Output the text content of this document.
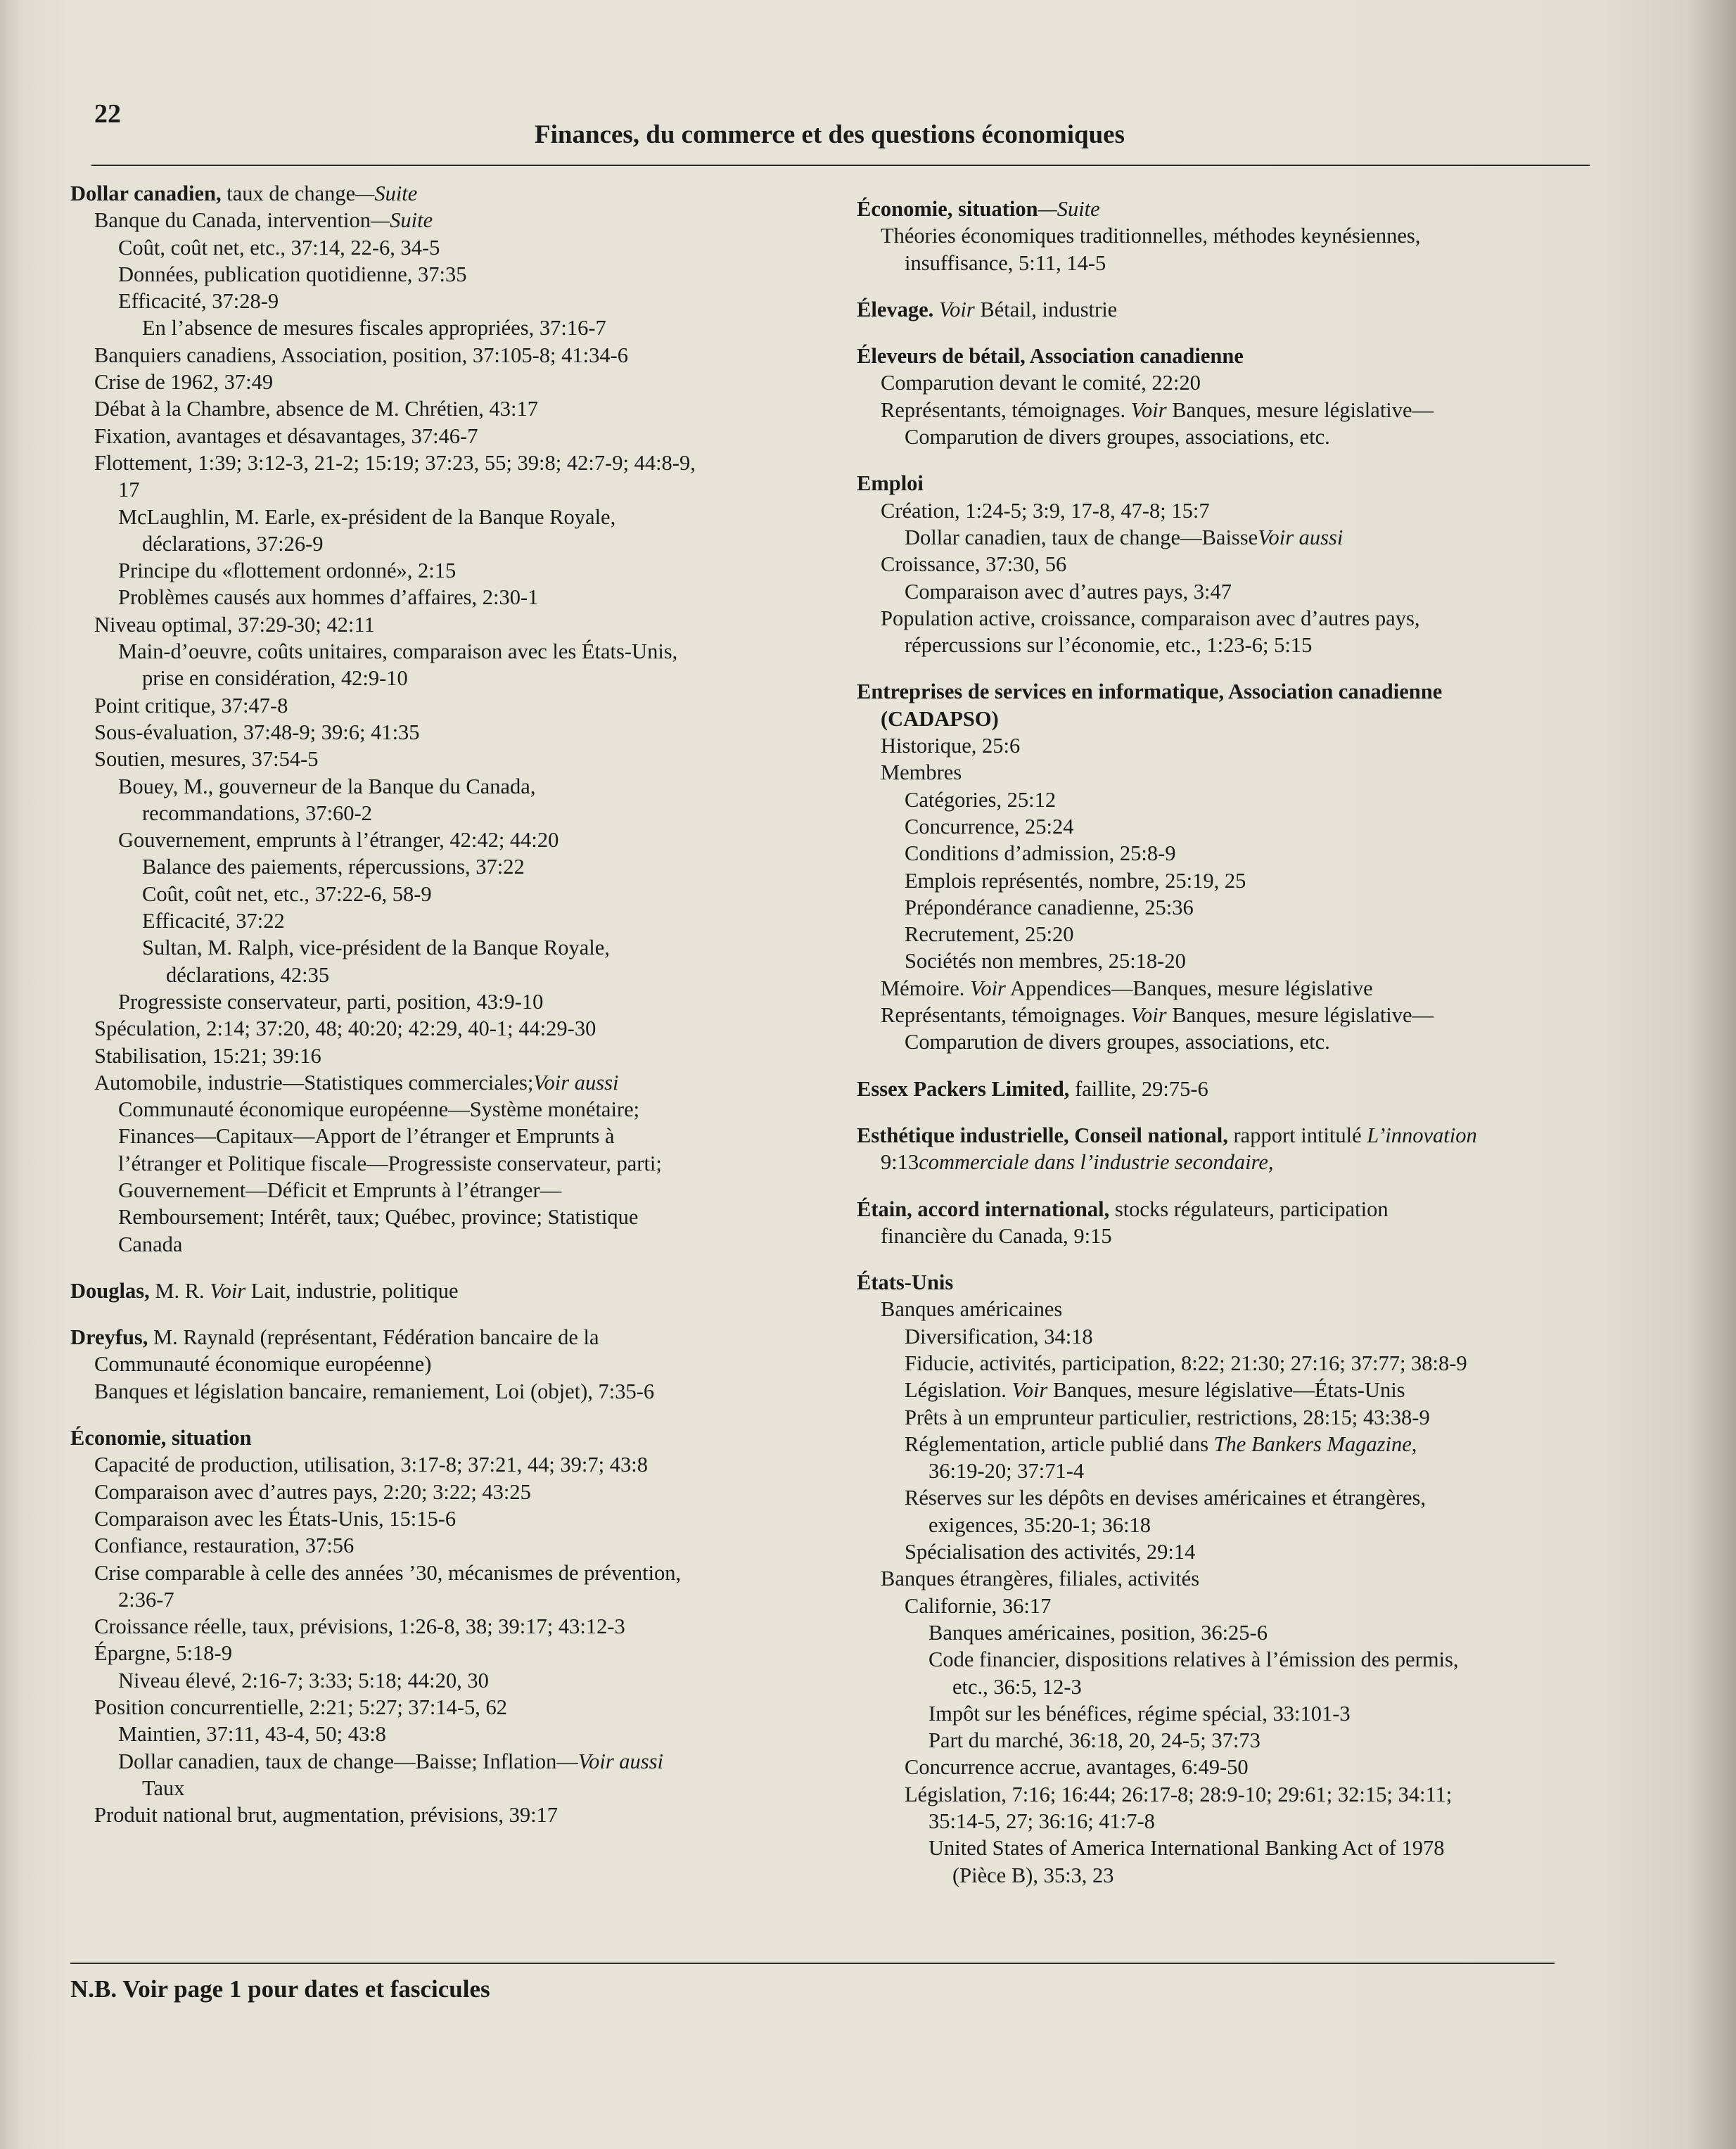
22
Finances, du commerce et des questions économiques
Dollar canadien, taux de change—Suite
Banque du Canada, intervention—Suite
Coût, coût net, etc., 37:14, 22-6, 34-5
Données, publication quotidienne, 37:35
Efficacité, 37:28-9
En l’absence de mesures fiscales appropriées, 37:16-7
Banquiers canadiens, Association, position, 37:105-8; 41:34-6
Crise de 1962, 37:49
Débat à la Chambre, absence de M. Chrétien, 43:17
Fixation, avantages et désavantages, 37:46-7
Flottement, 1:39; 3:12-3, 21-2; 15:19; 37:23, 55; 39:8; 42:7-9; 44:8-9,
17
McLaughlin, M. Earle, ex-président de la Banque Royale,
déclarations, 37:26-9
Principe du «flottement ordonné», 2:15
Problèmes causés aux hommes d’affaires, 2:30-1
Niveau optimal, 37:29-30; 42:11
Main-d’oeuvre, coûts unitaires, comparaison avec les États-Unis,
prise en considération, 42:9-10
Point critique, 37:47-8
Sous-évaluation, 37:48-9; 39:6; 41:35
Soutien, mesures, 37:54-5
Bouey, M., gouverneur de la Banque du Canada,
recommandations, 37:60-2
Gouvernement, emprunts à l’étranger, 42:42; 44:20
Balance des paiements, répercussions, 37:22
Coût, coût net, etc., 37:22-6, 58-9
Efficacité, 37:22
Sultan, M. Ralph, vice-président de la Banque Royale,
déclarations, 42:35
Progressiste conservateur, parti, position, 43:9-10
Spéculation, 2:14; 37:20, 48; 40:20; 42:29, 40-1; 44:29-30
Stabilisation, 15:21; 39:16
Automobile, industrie—Statistiques commerciales;Voir aussi
Communauté économique européenne—Système monétaire;
Finances—Capitaux—Apport de l’étranger et Emprunts à
l’étranger et Politique fiscale—Progressiste conservateur, parti;
Gouvernement—Déficit et Emprunts à l’étranger—
Remboursement; Intérêt, taux; Québec, province; Statistique
Canada
Douglas, M. R. Voir Lait, industrie, politique
Dreyfus, M. Raynald (représentant, Fédération bancaire de la
Communauté économique européenne)
Banques et législation bancaire, remaniement, Loi (objet), 7:35-6
Économie, situation
Capacité de production, utilisation, 3:17-8; 37:21, 44; 39:7; 43:8
Comparaison avec d’autres pays, 2:20; 3:22; 43:25
Comparaison avec les États-Unis, 15:15-6
Confiance, restauration, 37:56
Crise comparable à celle des années ’30, mécanismes de prévention,
2:36-7
Croissance réelle, taux, prévisions, 1:26-8, 38; 39:17; 43:12-3
Épargne, 5:18-9
Niveau élevé, 2:16-7; 3:33; 5:18; 44:20, 30
Position concurrentielle, 2:21; 5:27; 37:14-5, 62
Maintien, 37:11, 43-4, 50; 43:8
Dollar canadien, taux de change—Baisse; Inflation—Voir aussi
Taux
Produit national brut, augmentation, prévisions, 39:17
Économie, situation—Suite
Théories économiques traditionnelles, méthodes keynésiennes,
insuffisance, 5:11, 14-5
Élevage. Voir Bétail, industrie
Éleveurs de bétail, Association canadienne
Comparution devant le comité, 22:20
Représentants, témoignages. Voir Banques, mesure législative—
Comparution de divers groupes, associations, etc.
Emploi
Création, 1:24-5; 3:9, 17-8, 47-8; 15:7
Dollar canadien, taux de change—BaisseVoir aussi
Croissance, 37:30, 56
Comparaison avec d’autres pays, 3:47
Population active, croissance, comparaison avec d’autres pays,
répercussions sur l’économie, etc., 1:23-6; 5:15
Entreprises de services en informatique, Association canadienne
(CADAPSO)
Historique, 25:6
Membres
Catégories, 25:12
Concurrence, 25:24
Conditions d’admission, 25:8-9
Emplois représentés, nombre, 25:19, 25
Prépondérance canadienne, 25:36
Recrutement, 25:20
Sociétés non membres, 25:18-20
Mémoire. Voir Appendices—Banques, mesure législative
Représentants, témoignages. Voir Banques, mesure législative—
Comparution de divers groupes, associations, etc.
Essex Packers Limited, faillite, 29:75-6
Esthétique industrielle, Conseil national, rapport intitulé L’innovation
9:13commerciale dans l’industrie secondaire,
Étain, accord international, stocks régulateurs, participation
financière du Canada, 9:15
États-Unis
Banques américaines
Diversification, 34:18
Fiducie, activités, participation, 8:22; 21:30; 27:16; 37:77; 38:8-9
Législation. Voir Banques, mesure législative—États-Unis
Prêts à un emprunteur particulier, restrictions, 28:15; 43:38-9
Réglementation, article publié dans The Bankers Magazine,
36:19-20; 37:71-4
Réserves sur les dépôts en devises américaines et étrangères,
exigences, 35:20-1; 36:18
Spécialisation des activités, 29:14
Banques étrangères, filiales, activités
Californie, 36:17
Banques américaines, position, 36:25-6
Code financier, dispositions relatives à l’émission des permis,
etc., 36:5, 12-3
Impôt sur les bénéfices, régime spécial, 33:101-3
Part du marché, 36:18, 20, 24-5; 37:73
Concurrence accrue, avantages, 6:49-50
Législation, 7:16; 16:44; 26:17-8; 28:9-10; 29:61; 32:15; 34:11;
35:14-5, 27; 36:16; 41:7-8
United States of America International Banking Act of 1978
(Pièce B), 35:3, 23
N.B. Voir page 1 pour dates et fascicules
